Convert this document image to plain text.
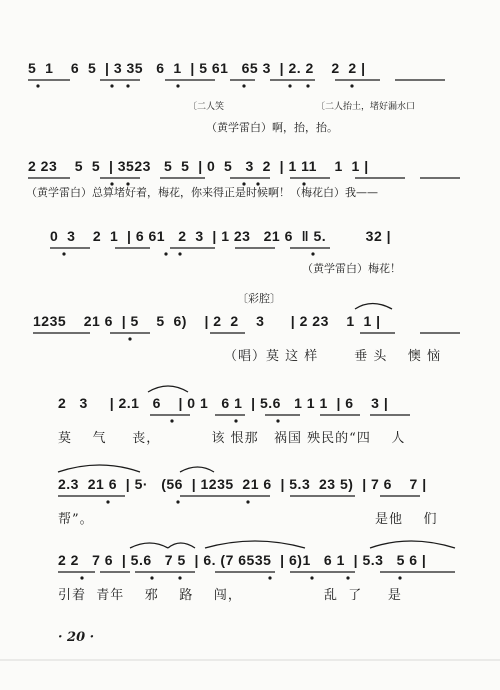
5  1    6  5  | 3 35   6  1  | 5 61   65 3  | 2. 2    2  2 |
〔二人笑	〔二人抬土，堵好漏水口
（黄学雷白）啊，抬，抬。
2 23    5  5  | 3523   5  5  | 0  5   3  2  | 1 11    1  1 |
（黄学雷白）总算堵好着，梅花，你来得正是时候啊！（梅花白）我——
0  3    2  1  | 6 61   2  3  | 1 23   21 6  ‖ 5.         32 |
（黄学雷白）梅花！
〔彩腔〕
1235    21 6  | 5    5  6)    | 2  2    3      | 2 23    1  1 |
（唱）莫 这 样       垂 头    懊 恼
2   3     | 2.1   6    | 0 1   6 1  | 5.6   1 1 1  | 6    3 |
莫    气     丧，          该 恨那   祸国 殃民的“四    人
2.3  21 6  | 5·   (56  | 1235  21 6  | 5.3  23 5)  | 7 6    7 |
帮”。	是他    们
2 2   7 6  | 5.6   7 5  | 6. (7 6535  | 6)1   6 1  | 5.3   5 6 |
引着  青年    邪    路    闯，                乱  了     是
· 20 ·
